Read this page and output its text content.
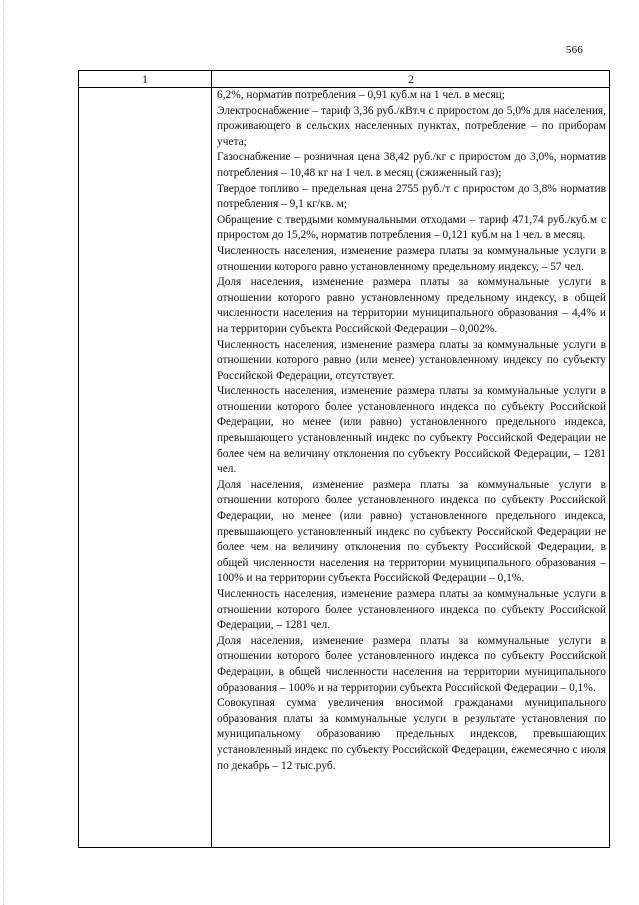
566
1	2

6,2%, норматив потребления – 0,91 куб.м на 1 чел. в месяц;

Электроснабжение – тариф 3,36 руб./кВт.ч с приростом до 5,0% для населения, проживающего в сельских населенных пунктах, потребление – по приборам учета;

Газоснабжение – розничная цена 38,42 руб./кг с приростом до 3,0%, норматив потребления – 10,48 кг на 1 чел. в месяц (сжиженный газ);

Твердое топливо – предельная цена 2755 руб./т с приростом до 3,8% норматив потребления – 9,1 кг/кв. м;

Обращение с твердыми коммунальными отходами – тариф 471,74 руб./куб.м с приростом до 15,2%, норматив потребления – 0,121 куб.м на 1 чел. в месяц.

Численность населения, изменение размера платы за коммунальные услуги в отношении которого равно установленному предельному индексу, – 57 чел.

Доля населения, изменение размера платы за коммунальные услуги в отношении которого равно установленному предельному индексу, в общей численности населения на территории муниципального образования – 4,4% и на территории субъекта Российской Федерации – 0,002%.

Численность населения, изменение размера платы за коммунальные услуги в отношении которого равно (или менее) установленному индексу по субъекту Российской Федерации, отсутствует.

Численность населения, изменение размера платы за коммунальные услуги в отношении которого более установленного индекса по субъекту Российской Федерации, но менее (или равно) установленного предельного индекса, превышающего установленный индекс по субъекту Российской Федерации не более чем на величину отклонения по субъекту Российской Федерации, – 1281 чел.

Доля населения, изменение размера платы за коммунальные услуги в отношении которого более установленного индекса по субъекту Российской Федерации, но менее (или равно) установленного предельного индекса, превышающего установленный индекс по субъекту Российской Федерации не более чем на величину отклонения по субъекту Российской Федерации, в общей численности населения на территории муниципального образования – 100% и на территории субъекта Российской Федерации – 0,1%.

Численность населения, изменение размера платы за коммунальные услуги в отношении которого более установленного индекса по субъекту Российской Федерации, – 1281 чел.

Доля населения, изменение размера платы за коммунальные услуги в отношении которого более установленного индекса по субъекту Российской Федерации, в общей численности населения на территории муниципального образования – 100% и на территории субъекта Российской Федерации – 0,1%.

Совокупная сумма увеличения вносимой гражданами муниципального образования платы за коммунальные услуги в результате установления по муниципальному образованию предельных индексов, превышающих установленный индекс по субъекту Российской Федерации, ежемесячно с июля по декабрь – 12 тыс.руб.
